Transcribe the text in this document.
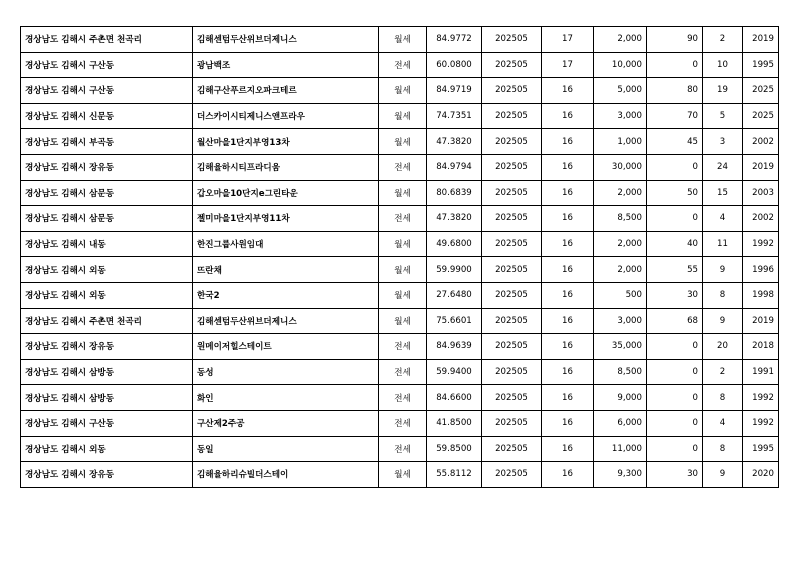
경상남도 김해시 주촌면 천곡리	김해센텀두산위브더제니스	월세	84.9772	202505	17	2,000	90	2	2019
경상남도 김해시 구산동	광남백조	전세	60.0800	202505	17	10,000	0	10	1995
경상남도 김해시 구산동	김해구산푸르지오파크테르	월세	84.9719	202505	16	5,000	80	19	2025
경상남도 김해시 신문동	더스카이시티제니스앤프라우	월세	74.7351	202505	16	3,000	70	5	2025
경상남도 김해시 부곡동	월산마을1단지부영13차	월세	47.3820	202505	16	1,000	45	3	2002
경상남도 김해시 장유동	김해율하시티프라디움	전세	84.9794	202505	16	30,000	0	24	2019
경상남도 김해시 삼문동	갑오마을10단지e그린타운	월세	80.6839	202505	16	2,000	50	15	2003
경상남도 김해시 삼문동	젤미마을1단지부영11차	전세	47.3820	202505	16	8,500	0	4	2002
경상남도 김해시 내동	한진그룹사원임대	월세	49.6800	202505	16	2,000	40	11	1992
경상남도 김해시 외동	뜨란채	월세	59.9900	202505	16	2,000	55	9	1996
경상남도 김해시 외동	한국2	월세	27.6480	202505	16	500	30	8	1998
경상남도 김해시 주촌면 천곡리	김해센텀두산위브더제니스	월세	75.6601	202505	16	3,000	68	9	2019
경상남도 김해시 장유동	원메이저힐스테이트	전세	84.9639	202505	16	35,000	0	20	2018
경상남도 김해시 삼방동	동성	전세	59.9400	202505	16	8,500	0	2	1991
경상남도 김해시 삼방동	화인	전세	84.6600	202505	16	9,000	0	8	1992
경상남도 김해시 구산동	구산제2주공	전세	41.8500	202505	16	6,000	0	4	1992
경상남도 김해시 외동	동일	전세	59.8500	202505	16	11,000	0	8	1995
경상남도 김해시 장유동	김해율하리슈빌더스테이	월세	55.8112	202505	16	9,300	30	9	2020
